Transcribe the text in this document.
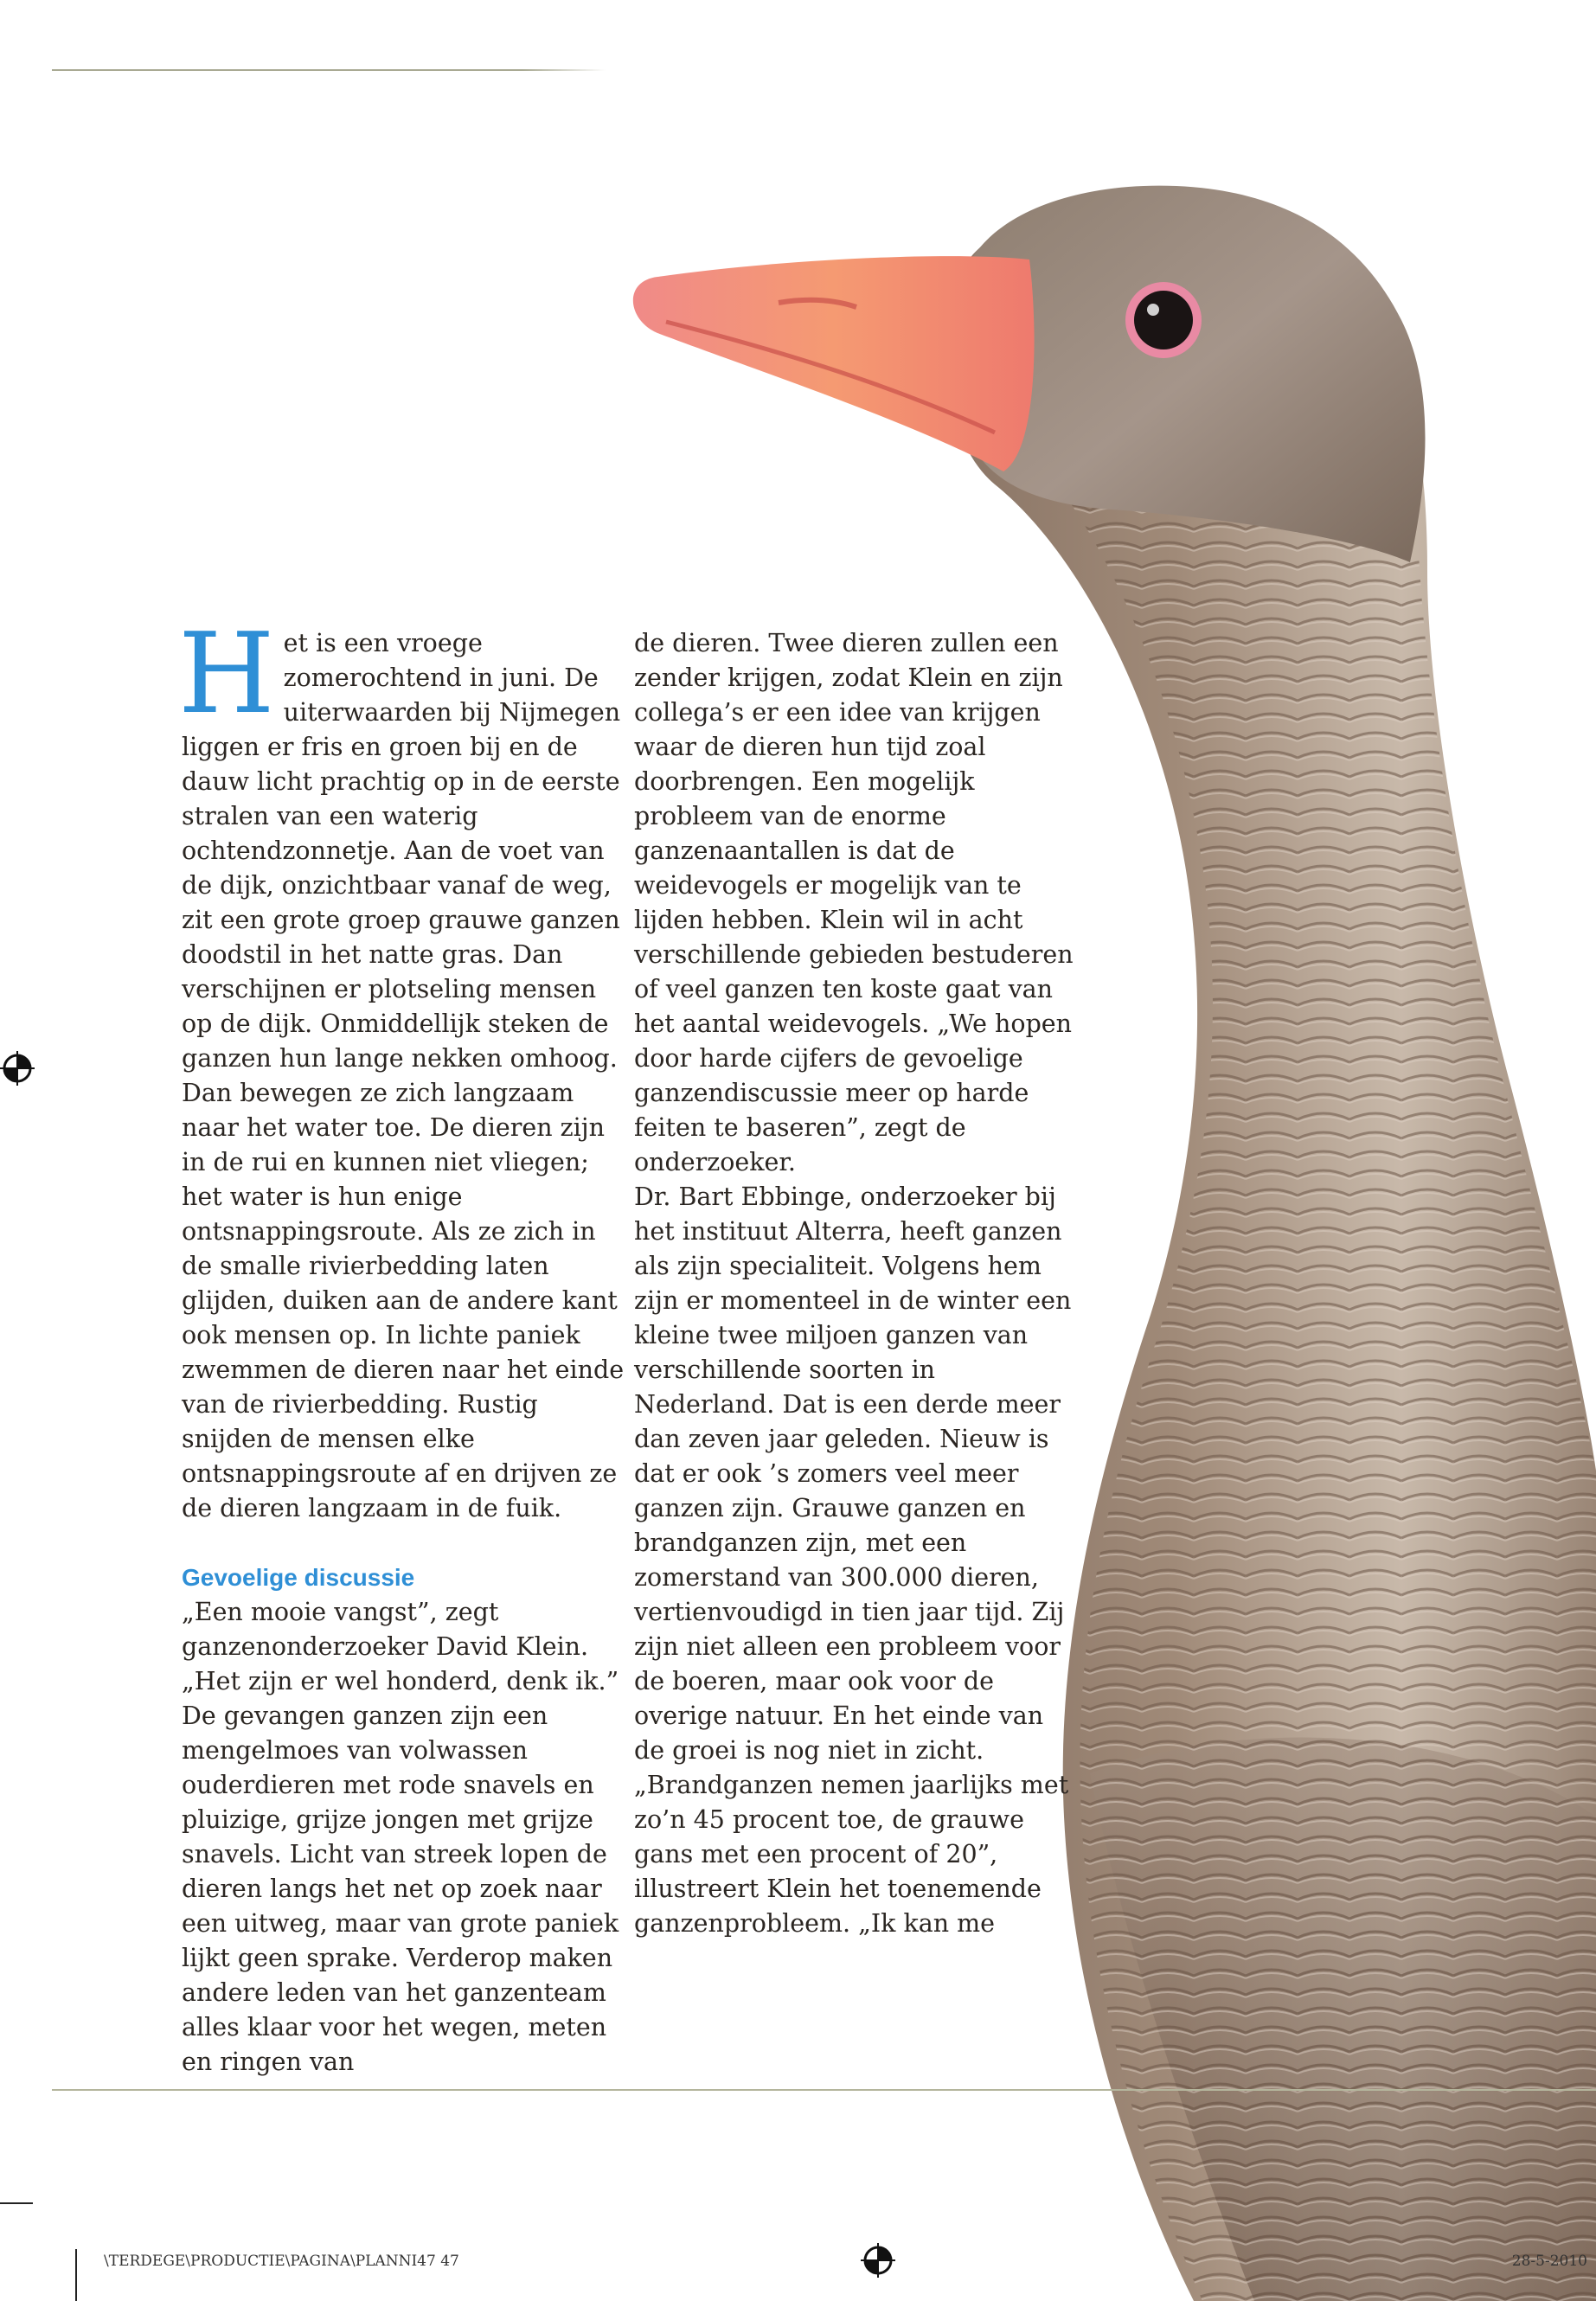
H et is een vroege zomerochtend in juni. De uiterwaarden bij Nijmegen liggen er fris en groen bij en de dauw licht prachtig op in de eerste stralen van een waterig ochtendzonnetje. Aan de voet van de dijk, onzichtbaar vanaf de weg, zit een grote groep grauwe ganzen doodstil in het natte gras. Dan verschijnen er plotseling mensen op de dijk. Onmiddellijk steken de ganzen hun lange nekken omhoog. Dan bewegen ze zich langzaam naar het water toe. De dieren zijn in de rui en kunnen niet vliegen; het water is hun enige ontsnappingsroute. Als ze zich in de smalle rivierbedding laten glijden, duiken aan de andere kant ook mensen op. In lichte paniek zwemmen de dieren naar het einde van de rivierbedding. Rustig snijden de mensen elke ontsnappingsroute af en drijven ze de dieren langzaam in de fuik.

Gevoelige discussie

„Een mooie vangst”, zegt ganzenonderzoeker David Klein. „Het zijn er wel honderd, denk ik.” De gevangen ganzen zijn een mengelmoes van volwassen ouderdieren met rode snavels en pluizige, grijze jongen met grijze snavels. Licht van streek lopen de dieren langs het net op zoek naar een uitweg, maar van grote paniek lijkt geen sprake. Verderop maken andere leden van het ganzenteam alles klaar voor het wegen, meten en ringen van

de dieren. Twee dieren zullen een zender krijgen, zodat Klein en zijn collega’s er een idee van krijgen waar de dieren hun tijd zoal doorbrengen. Een mogelijk probleem van de enorme ganzenaantallen is dat de weidevogels er mogelijk van te lijden hebben. Klein wil in acht verschillende gebieden bestuderen of veel ganzen ten koste gaat van het aantal weidevogels. „We hopen door harde cijfers de gevoelige ganzendiscussie meer op harde feiten te baseren”, zegt de onderzoeker.

Dr. Bart Ebbinge, onderzoeker bij het instituut Alterra, heeft ganzen als zijn specialiteit. Volgens hem zijn er momenteel in de winter een kleine twee miljoen ganzen van verschillende soorten in Nederland. Dat is een derde meer dan zeven jaar geleden. Nieuw is dat er ook ’s zomers veel meer ganzen zijn. Grauwe ganzen en brandganzen zijn, met een zomerstand van 300.000 dieren, vertienvoudigd in tien jaar tijd. Zij zijn niet alleen een probleem voor de boeren, maar ook voor de overige natuur. En het einde van de groei is nog niet in zicht. „Brandganzen nemen jaarlijks met zo’n 45 procent toe, de grauwe gans met een procent of 20”, illustreert Klein het toenemende ganzenprobleem. „Ik kan me

\TERDEGE\PRODUCTIE\PAGINA\PLANNI47 47	28-5-2010
